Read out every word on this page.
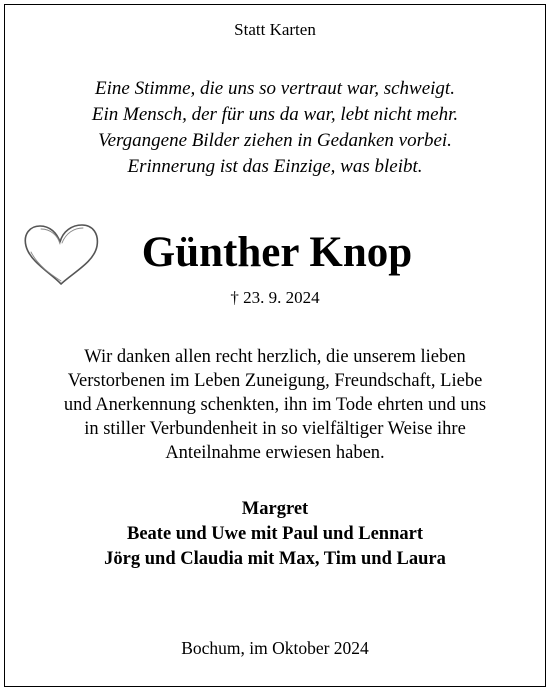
Statt Karten
Eine Stimme, die uns so vertraut war, schweigt.
Ein Mensch, der für uns da war, lebt nicht mehr.
Vergangene Bilder ziehen in Gedanken vorbei.
Erinnerung ist das Einzige, was bleibt.
Günther Knop
† 23. 9. 2024
Wir danken allen recht herzlich, die unserem lieben
Verstorbenen im Leben Zuneigung, Freundschaft, Liebe
und Anerkennung schenkten, ihn im Tode ehrten und uns
in stiller Verbundenheit in so vielfältiger Weise ihre
Anteilnahme erwiesen haben.
Margret
Beate und Uwe mit Paul und Lennart
Jörg und Claudia mit Max, Tim und Laura
Bochum, im Oktober 2024
